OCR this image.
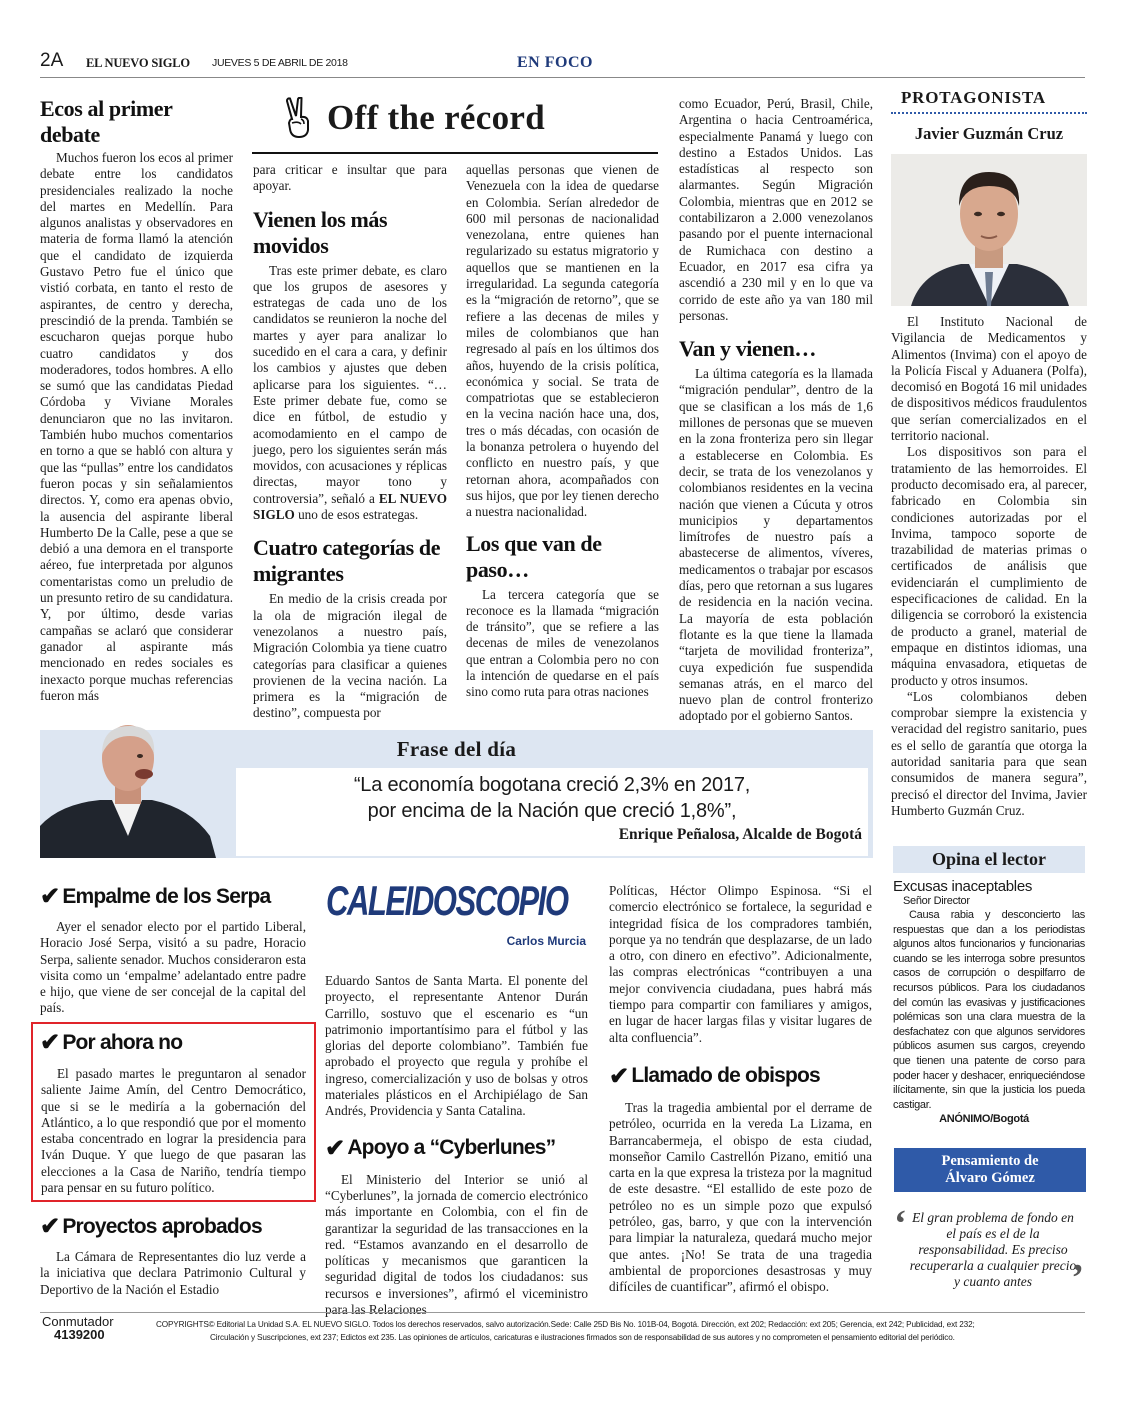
2A EL NUEVO SIGLO JUEVES 5 DE ABRIL DE 2018	EN FOCO
Off the récord
Ecos al primer debate

Muchos fueron los ecos al primer debate entre los candidatos presidenciales realizado la noche del martes en Medellín. Para algunos analistas y observadores en materia de forma llamó la atención que el candidato de izquierda Gustavo Petro fue el único que vistió corbata, en tanto el resto de aspirantes, de centro y derecha, prescindió de la prenda. También se escucharon quejas porque hubo cuatro candidatos y dos moderadores, todos hombres. A ello se sumó que las candidatas Piedad Córdoba y Viviane Morales denunciaron que no las invitaron. También hubo muchos comentarios en torno a que se habló con altura y que las “pullas” entre los candidatos fueron pocas y sin señalamientos directos. Y, como era apenas obvio, la ausencia del aspirante liberal Humberto De la Calle, pese a que se debió a una demora en el transporte aéreo, fue interpretada por algunos comentaristas como un preludio de un presunto retiro de su candidatura. Y, por último, desde varias campañas se aclaró que considerar ganador al aspirante más mencionado en redes sociales es inexacto porque muchas referencias fueron más

para criticar e insultar que para apoyar.

Vienen los más movidos

Tras este primer debate, es claro que los grupos de asesores y estrategas de cada uno de los candidatos se reunieron la noche del martes y ayer para analizar lo sucedido en el cara a cara, y definir los cambios y ajustes que deben aplicarse para los siguientes. “… Este primer debate fue, como se dice en fútbol, de estudio y acomodamiento en el campo de juego, pero los siguientes serán más movidos, con acusaciones y réplicas directas, mayor tono y controversia”, señaló a EL NUEVO SIGLO uno de esos estrategas.

Cuatro categorías de migrantes

En medio de la crisis creada por la ola de migración ilegal de venezolanos a nuestro país, Migración Colombia ya tiene cuatro categorías para clasificar a quienes provienen de la vecina nación. La primera es la “migración de destino”, compuesta por

aquellas personas que vienen de Venezuela con la idea de quedarse en Colombia. Serían alrededor de 600 mil personas de nacionalidad venezolana, entre quienes han regularizado su estatus migratorio y aquellos que se mantienen en la irregularidad. La segunda categoría es la “migración de retorno”, que se refiere a las decenas de miles y miles de colombianos que han regresado al país en los últimos dos años, huyendo de la crisis política, económica y social. Se trata de compatriotas que se establecieron en la vecina nación hace una, dos, tres o más décadas, con ocasión de la bonanza petrolera o huyendo del conflicto en nuestro país, y que retornan ahora, acompañados con sus hijos, que por ley tienen derecho a nuestra nacionalidad.

Los que van de paso…

La tercera categoría que se reconoce es la llamada “migración de tránsito”, que se refiere a las decenas de miles de venezolanos que entran a Colombia pero no con la intención de quedarse en el país sino como ruta para otras naciones

como Ecuador, Perú, Brasil, Chile, Argentina o hacia Centroamérica, especialmente Panamá y luego con destino a Estados Unidos. Las estadísticas al respecto son alarmantes. Según Migración Colombia, mientras que en 2012 se contabilizaron a 2.000 venezolanos pasando por el puente internacional de Rumichaca con destino a Ecuador, en 2017 esa cifra ya ascendió a 230 mil y en lo que va corrido de este año ya van 180 mil personas.

Van y vienen…

La última categoría es la llamada “migración pendular”, dentro de la que se clasifican a los más de 1,6 millones de personas que se mueven en la zona fronteriza pero sin llegar a establecerse en Colombia. Es decir, se trata de los venezolanos y colombianos residentes en la vecina nación que vienen a Cúcuta y otros municipios y departamentos limítrofes de nuestro país a abastecerse de alimentos, víveres, medicamentos o trabajar por escasos días, pero que retornan a sus lugares de residencia en la nación vecina. La mayoría de esta población flotante es la que tiene la llamada “tarjeta de movilidad fronteriza”, cuya expedición fue suspendida semanas atrás, en el marco del nuevo plan de control fronterizo adoptado por el gobierno Santos.

PROTAGONISTA
Javier Guzmán Cruz

El Instituto Nacional de Vigilancia de Medicamentos y Alimentos (Invima) con el apoyo de la Policía Fiscal y Aduanera (Polfa), decomisó en Bogotá 16 mil unidades de dispositivos médicos fraudulentos que serían comercializados en el territorio nacional.

Los dispositivos son para el tratamiento de las hemorroides. El producto decomisado era, al parecer, fabricado en Colombia sin condiciones autorizadas por el Invima, tampoco soporte de trazabilidad de materias primas o certificados de análisis que evidenciarán el cumplimiento de especificaciones de calidad. En la diligencia se corroboró la existencia de producto a granel, material de empaque en distintos idiomas, una máquina envasadora, etiquetas de producto y otros insumos.

“Los colombianos deben comprobar siempre la existencia y veracidad del registro sanitario, pues es el sello de garantía que otorga la autoridad sanitaria para que sean consumidos de manera segura”, precisó el director del Invima, Javier Humberto Guzmán Cruz.

Frase del día
“La economía bogotana creció 2,3% en 2017,
por encima de la Nación que creció 1,8%”,
Enrique Peñalosa, Alcalde de Bogotá
CALEIDOSCOPIO
Carlos Murcia
✔ Empalme de los Serpa

Ayer el senador electo por el partido Liberal, Horacio José Serpa, visitó a su padre, Horacio Serpa, saliente senador. Muchos consideraron esta visita como un ‘empalme’ adelantado entre padre e hijo, que viene de ser concejal de la capital del país.

✔ Por ahora no

El pasado martes le preguntaron al senador saliente Jaime Amín, del Centro Democrático, que si se le mediría a la gobernación del Atlántico, a lo que respondió que por el momento estaba concentrado en lograr la presidencia para Iván Duque. Y que luego de que pasaran las elecciones a la Casa de Nariño, tendría tiempo para pensar en su futuro político.

✔ Proyectos aprobados

La Cámara de Representantes dio luz verde a la iniciativa que declara Patrimonio Cultural y Deportivo de la Nación el Estadio

Eduardo Santos de Santa Marta. El ponente del proyecto, el representante Antenor Durán Carrillo, sostuvo que el escenario es “un patrimonio importantísimo para el fútbol y las glorias del deporte colombiano”. También fue aprobado el proyecto que regula y prohíbe el ingreso, comercialización y uso de bolsas y otros materiales plásticos en el Archipiélago de San Andrés, Providencia y Santa Catalina.

✔ Apoyo a “Cyberlunes”

El Ministerio del Interior se unió al “Cyberlunes”, la jornada de comercio electrónico más importante en Colombia, con el fin de garantizar la seguridad de las transacciones en la red. “Estamos avanzando en el desarrollo de políticas y mecanismos que garanticen la seguridad digital de todos los ciudadanos: sus recursos e inversiones”, afirmó el viceministro para las Relaciones

Políticas, Héctor Olimpo Espinosa. “Si el comercio electrónico se fortalece, la seguridad e integridad física de los compradores también, porque ya no tendrán que desplazarse, de un lado a otro, con dinero en efectivo”. Adicionalmente, las compras electrónicas “contribuyen a una mejor convivencia ciudadana, pues habrá más tiempo para compartir con familiares y amigos, en lugar de hacer largas filas y visitar lugares de alta confluencia”.

✔ Llamado de obispos

Tras la tragedia ambiental por el derrame de petróleo, ocurrida en la vereda La Lizama, en Barrancabermeja, el obispo de esta ciudad, monseñor Camilo Castrellón Pizano, emitió una carta en la que expresa la tristeza por la magnitud de este desastre. “El estallido de este pozo de petróleo no es un simple pozo que expulsó petróleo, gas, barro, y que con la intervención para limpiar la naturaleza, quedará mucho mejor que antes. ¡No! Se trata de una tragedia ambiental de proporciones desastrosas y muy difíciles de cuantificar”, afirmó el obispo.

Opina el lector
Excusas inaceptables
Señor Director

Causa rabia y desconcierto las respuestas que dan a los periodistas algunos altos funcionarios y funcionarias cuando se les interroga sobre presuntos casos de corrupción o despilfarro de recursos públicos. Para los ciudadanos del común las evasivas y justificaciones polémicas son una clara muestra de la desfachatez con que algunos servidores públicos asumen sus cargos, creyendo que tienen una patente de corso para poder hacer y deshacer, enriqueciéndose ilícitamente, sin que la justicia los pueda castigar.

ANÓNIMO/Bogotá
Pensamiento de
Álvaro Gómez
‘ El gran problema de fondo en el país es el de la responsabilidad. Es preciso recuperarla a cualquier precio y cuanto antes	’
Conmutador
4139200
COPYRIGHTS© Editorial La Unidad S.A. EL NUEVO SIGLO. Todos los derechos reservados, salvo autorización.Sede: Calle 25D Bis No. 101B-04, Bogotá. Dirección, ext 202; Redacción: ext 205; Gerencia, ext 242; Publicidad, ext 232;
Circulación y Suscripciones, ext 237; Edictos ext 235. Las opiniones de artículos, caricaturas e ilustraciones firmados son de responsabilidad de sus autores y no comprometen el pensamiento editorial del periódico.
